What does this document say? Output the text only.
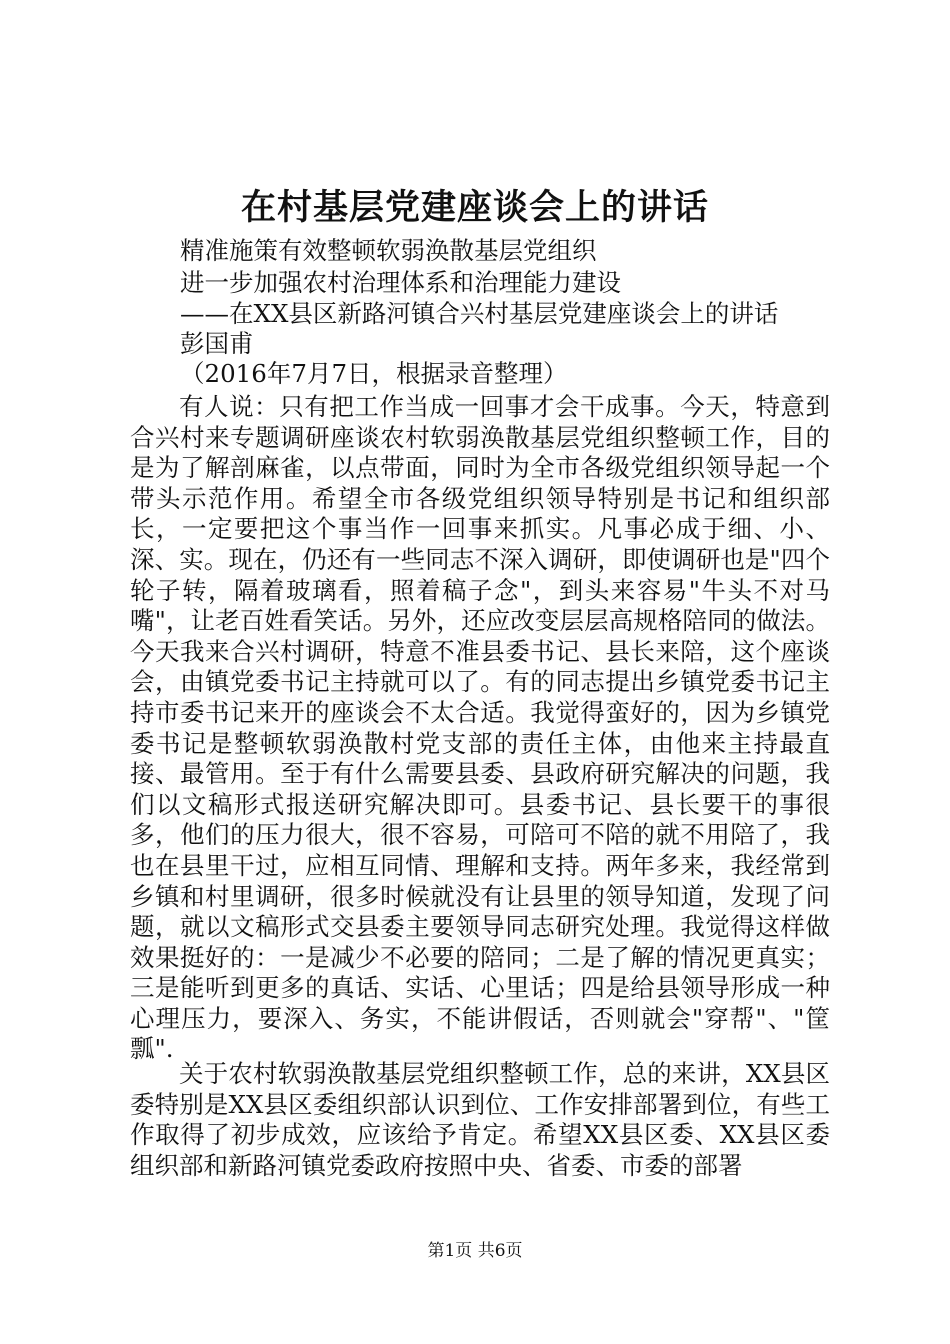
在村基层党建座谈会上的讲话
精准施策有效整顿软弱涣散基层党组织
进一步加强农村治理体系和治理能力建设
——在XX县区新路河镇合兴村基层党建座谈会上的讲话
彭国甫
（2016年7月7日，根据录音整理）
有人说：只有把工作当成一回事才会干成事。今天，特意到合兴村来专题调研座谈农村软弱涣散基层党组织整顿工作，目的是为了解剖麻雀，以点带面，同时为全市各级党组织领导起一个带头示范作用。希望全市各级党组织领导特别是书记和组织部长，一定要把这个事当作一回事来抓实。凡事必成于细、小、深、实。现在，仍还有一些同志不深入调研，即使调研也是"四个轮子转，隔着玻璃看，照着稿子念"，到头来容易"牛头不对马嘴"，让老百姓看笑话。另外，还应改变层层高规格陪同的做法。今天我来合兴村调研，特意不准县委书记、县长来陪，这个座谈会，由镇党委书记主持就可以了。有的同志提出乡镇党委书记主持市委书记来开的座谈会不太合适。我觉得蛮好的，因为乡镇党委书记是整顿软弱涣散村党支部的责任主体，由他来主持最直接、最管用。至于有什么需要县委、县政府研究解决的问题，我们以文稿形式报送研究解决即可。县委书记、县长要干的事很多，他们的压力很大，很不容易，可陪可不陪的就不用陪了，我也在县里干过，应相互同情、理解和支持。两年多来，我经常到乡镇和村里调研，很多时候就没有让县里的领导知道，发现了问题，就以文稿形式交县委主要领导同志研究处理。我觉得这样做效果挺好的：一是减少不必要的陪同；二是了解的情况更真实；三是能听到更多的真话、实话、心里话；四是给县领导形成一种心理压力，要深入、务实，不能讲假话，否则就会"穿帮"、"筐瓢".
关于农村软弱涣散基层党组织整顿工作，总的来讲，XX县区委特别是XX县区委组织部认识到位、工作安排部署到位，有些工作取得了初步成效，应该给予肯定。希望XX县区委、XX县区委组织部和新路河镇党委政府按照中央、省委、市委的部署
第1页 共6页
